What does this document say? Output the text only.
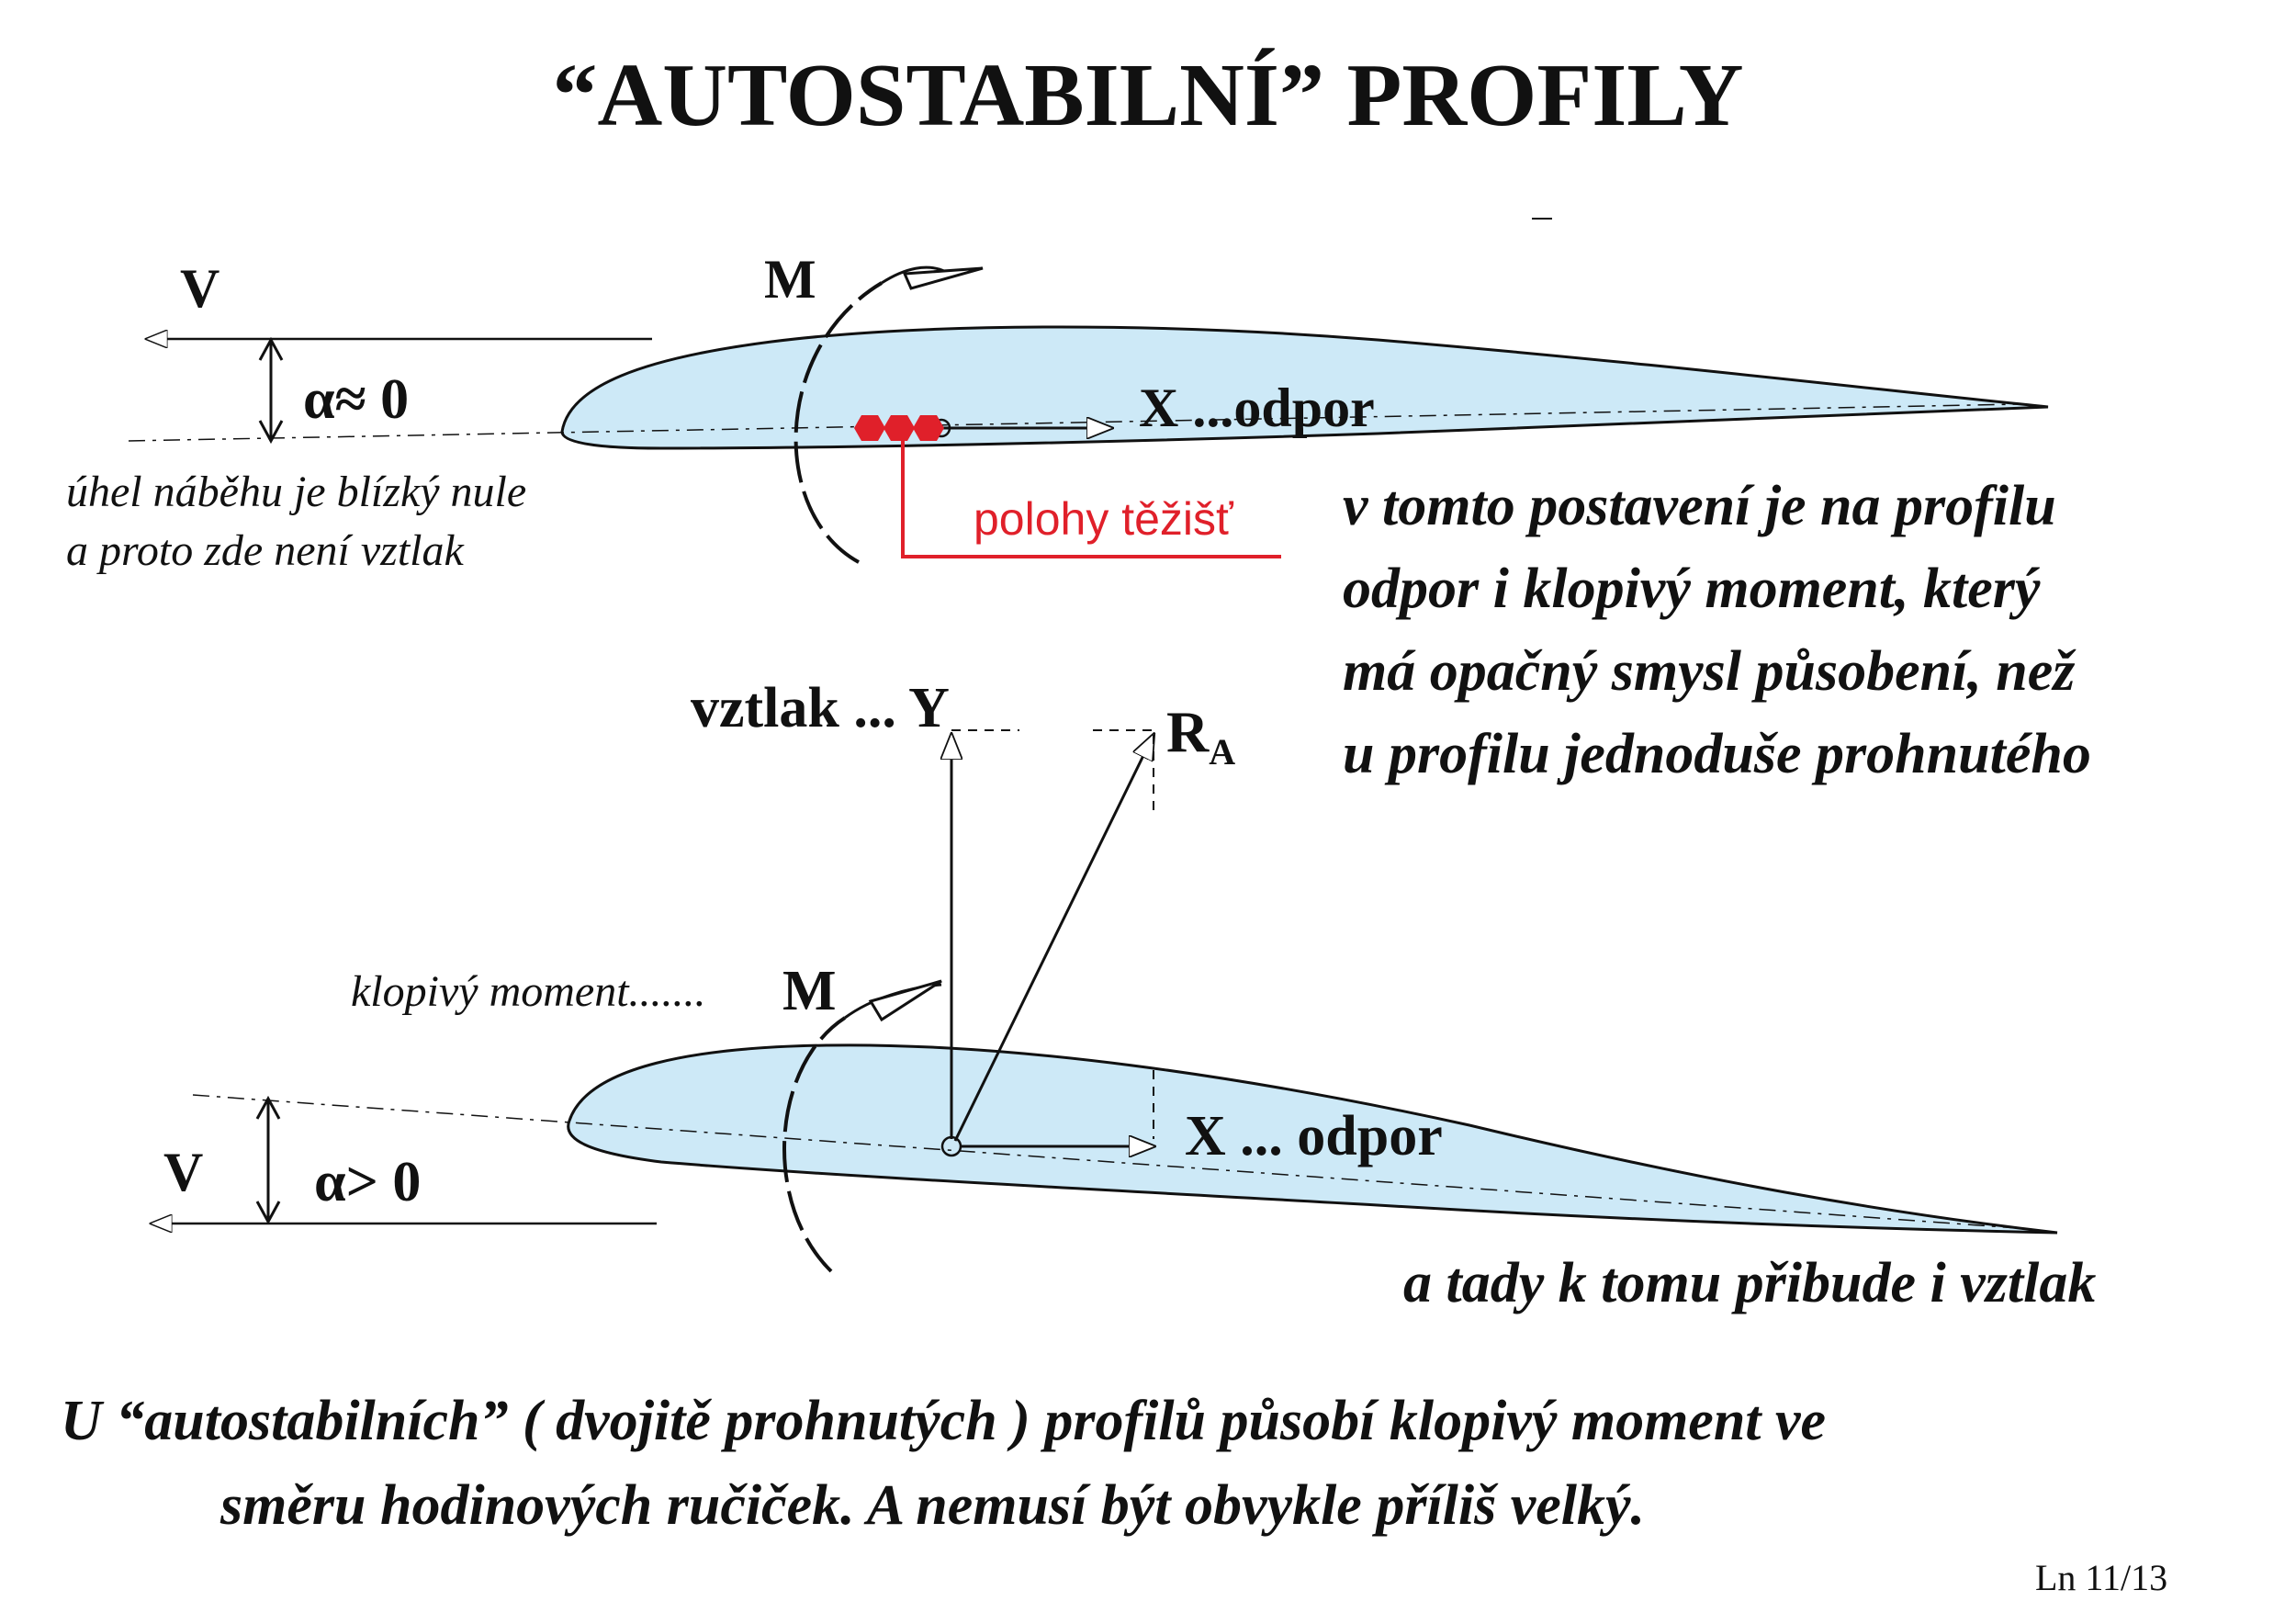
“AUTOSTABILNÍ” PROFILY
V
α≈ 0
M
X ...odpor
polohy těžišť
úhel náběhu je blízký nule
a proto zde není vztlak
v tomto postavení je na profilu
odpor i klopivý moment, který
má opačný smysl působení, než
u profilu jednoduše prohnutého
vztlak ... Y	$R_A$
klopivý moment....... M
X ... odpor
V α> 0
a tady k tomu přibude i vztlak
U “autostabilních” ( dvojitě prohnutých ) profilů působí klopivý moment ve
směru hodinových ručiček. A nemusí být obvykle příliš velký.
Ln 11/13
